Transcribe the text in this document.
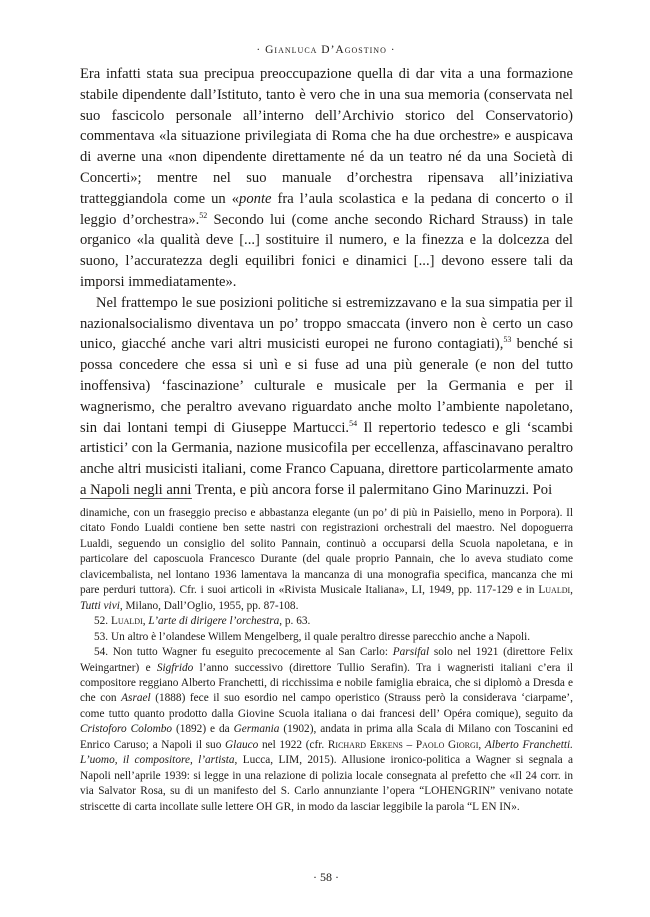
· Gianluca D’Agostino ·

Era infatti stata sua precipua preoccupazione quella di dar vita a una formazione stabile dipendente dall’Istituto, tanto è vero che in una sua memoria (conservata nel suo fascicolo personale all’interno dell’Archivio storico del Conservatorio) commentava «la situazione privilegiata di Roma che ha due orchestre» e auspicava di averne una «non dipendente direttamente né da un teatro né da una Società di Concerti»; mentre nel suo manuale d’orchestra ripensava all’iniziativa tratteggiandola come un «ponte fra l’aula scolastica e la pedana di concerto o il leggio d’orchestra».$^{52}$ Secondo lui (come anche secondo Richard Strauss) in tale organico «la qualità deve [...] sostituire il numero, e la finezza e la dolcezza del suono, l’accuratezza degli equilibri fonici e dinamici [...] devono essere tali da imporsi immediatamente».

Nel frattempo le sue posizioni politiche si estremizzavano e la sua simpatia per il nazionalsocialismo diventava un po’ troppo smaccata (invero non è certo un caso unico, giacché anche vari altri musicisti europei ne furono contagiati),$^{53}$ benché si possa concedere che essa si unì e si fuse ad una più generale (e non del tutto inoffensiva) ‘fascinazione’ culturale e musicale per la Germania e per il wagnerismo, che peraltro avevano riguardato anche molto l’ambiente napoletano, sin dai lontani tempi di Giuseppe Martucci.$^{54}$ Il repertorio tedesco e gli ‘scambi artistici’ con la Germania, nazione musicofila per eccellenza, affascinavano peraltro anche altri musicisti italiani, come Franco Capuana, direttore particolarmente amato a Napoli negli anni Trenta, e più ancora forse il palermitano Gino Marinuzzi. Poi

dinamiche, con un fraseggio preciso e abbastanza elegante (un po’ di più in Paisiello, meno in Porpora). Il citato Fondo Lualdi contiene ben sette nastri con registrazioni orchestrali del maestro. Nel dopoguerra Lualdi, seguendo un consiglio del solito Pannain, continuò a occuparsi della Scuola napoletana, e in particolare del caposcuola Francesco Durante (del quale proprio Pannain, che lo aveva studiato come clavicembalista, nel lontano 1936 lamentava la mancanza di una monografia specifica, mancanza che mi pare perduri tuttora). Cfr. i suoi articoli in «Rivista Musicale Italiana», LI, 1949, pp. 117-129 e in Lualdi, Tutti vivi, Milano, Dall’Oglio, 1955, pp. 87-108.

52. Lualdi, L’arte di dirigere l’orchestra, p. 63.

53. Un altro è l’olandese Willem Mengelberg, il quale peraltro diresse parecchio anche a Napoli.

54. Non tutto Wagner fu eseguito precocemente al San Carlo: Parsifal solo nel 1921 (direttore Felix Weingartner) e Sigfrido l’anno successivo (direttore Tullio Serafin). Tra i wagneristi italiani c’era il compositore reggiano Alberto Franchetti, di ricchissima e nobile famiglia ebraica, che si diplomò a Dresda e che con Asrael (1888) fece il suo esordio nel campo operistico (Strauss però la considerava ‘ciarpame’, come tutto quanto prodotto dalla Giovine Scuola italiana o dai francesi dell’ Opéra comique), seguito da Cristoforo Colombo (1892) e da Germania (1902), andata in prima alla Scala di Milano con Toscanini ed Enrico Caruso; a Napoli il suo Glauco nel 1922 (cfr. Richard Erkens – Paolo Giorgi, Alberto Franchetti. L’uomo, il compositore, l’artista, Lucca, LIM, 2015). Allusione ironico-politica a Wagner si segnala a Napoli nell’aprile 1939: si legge in una relazione di polizia locale consegnata al prefetto che «Il 24 corr. in via Salvator Rosa, su di un manifesto del S. Carlo annunziante l’opera “LOHENGRIN” venivano notate striscette di carta incollate sulle lettere OH GR, in modo da lasciar leggibile la parola “L EN IN».

· 58 ·
